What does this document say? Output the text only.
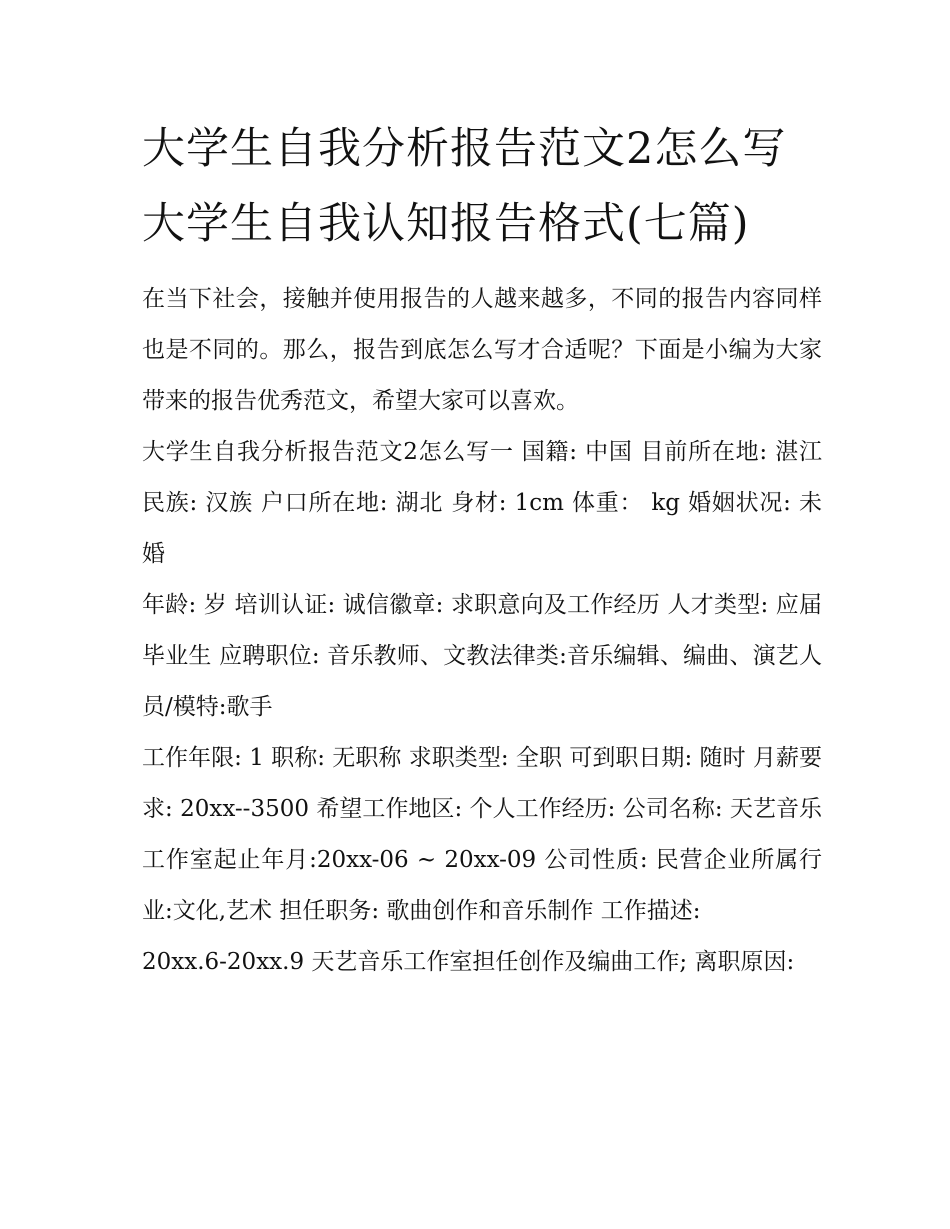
大学生自我分析报告范文2怎么写 大学生自我认知报告格式(七篇)

在当下社会，接触并使用报告的人越来越多，不同的报告内容同样也是不同的。那么，报告到底怎么写才合适呢？下面是小编为大家带来的报告优秀范文，希望大家可以喜欢。

大学生自我分析报告范文2怎么写一 国籍: 中国 目前所在地: 湛江 民族: 汉族 户口所在地: 湖北 身材: 1cm 体重： kg 婚姻状况: 未婚

年龄: 岁 培训认证: 诚信徽章: 求职意向及工作经历 人才类型: 应届毕业生 应聘职位: 音乐教师、文教法律类:音乐编辑、编曲、演艺人员/模特:歌手

工作年限: 1 职称: 无职称 求职类型: 全职 可到职日期: 随时 月薪要求: 20xx--3500 希望工作地区: 个人工作经历: 公司名称: 天艺音乐工作室起止年月:20xx-06 ~ 20xx-09 公司性质: 民营企业所属行业:文化,艺术 担任职务: 歌曲创作和音乐制作 工作描述:

20xx.6-20xx.9 天艺音乐工作室担任创作及编曲工作; 离职原因:
